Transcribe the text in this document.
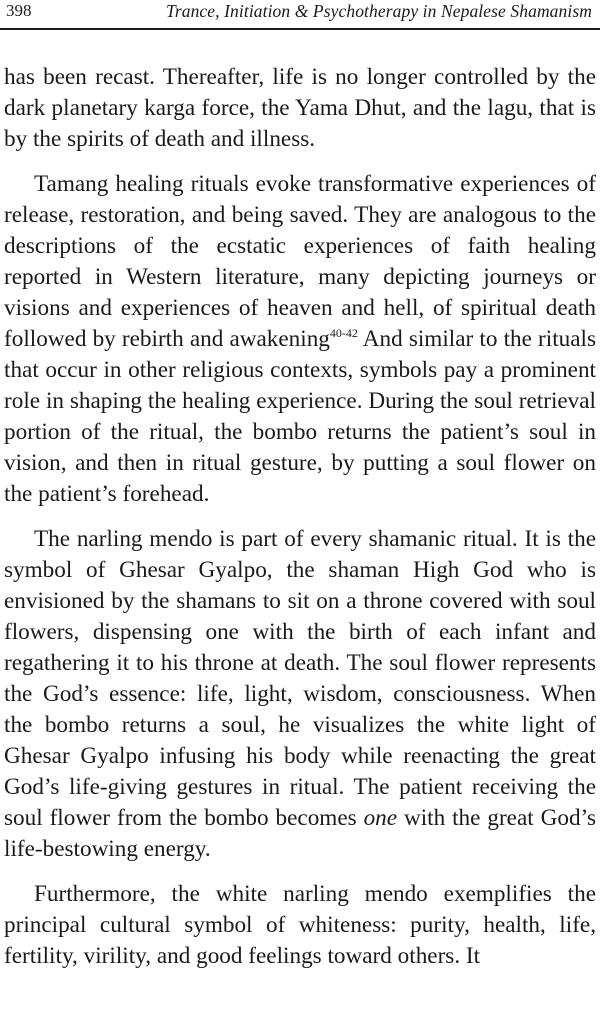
398	Trance, Initiation & Psychotherapy in Nepalese Shamanism

has been recast. Thereafter, life is no longer controlled by the dark planetary karga force, the Yama Dhut, and the lagu, that is by the spirits of death and illness.

Tamang healing rituals evoke transformative experiences of release, restoration, and being saved. They are analogous to the descriptions of the ecstatic experiences of faith healing reported in Western literature, many depicting journeys or visions and experiences of heaven and hell, of spiritual death followed by rebirth and awakening$^{40-42}$ And similar to the rituals that occur in other religious contexts, symbols pay a prominent role in shaping the healing experience. During the soul retrieval portion of the ritual, the bombo returns the patient’s soul in vision, and then in ritual gesture, by putting a soul flower on the patient’s forehead.

The narling mendo is part of every shamanic ritual. It is the symbol of Ghesar Gyalpo, the shaman High God who is envisioned by the shamans to sit on a throne covered with soul flowers, dispensing one with the birth of each infant and regathering it to his throne at death. The soul flower represents the God’s essence: life, light, wisdom, consciousness. When the bombo returns a soul, he visualizes the white light of Ghesar Gyalpo infusing his body while reenacting the great God’s life-giving gestures in ritual. The patient receiving the soul flower from the bombo becomes one with the great God’s life-bestowing energy.

Furthermore, the white narling mendo exemplifies the principal cultural symbol of whiteness: purity, health, life, fertility, virility, and good feelings toward others. It
